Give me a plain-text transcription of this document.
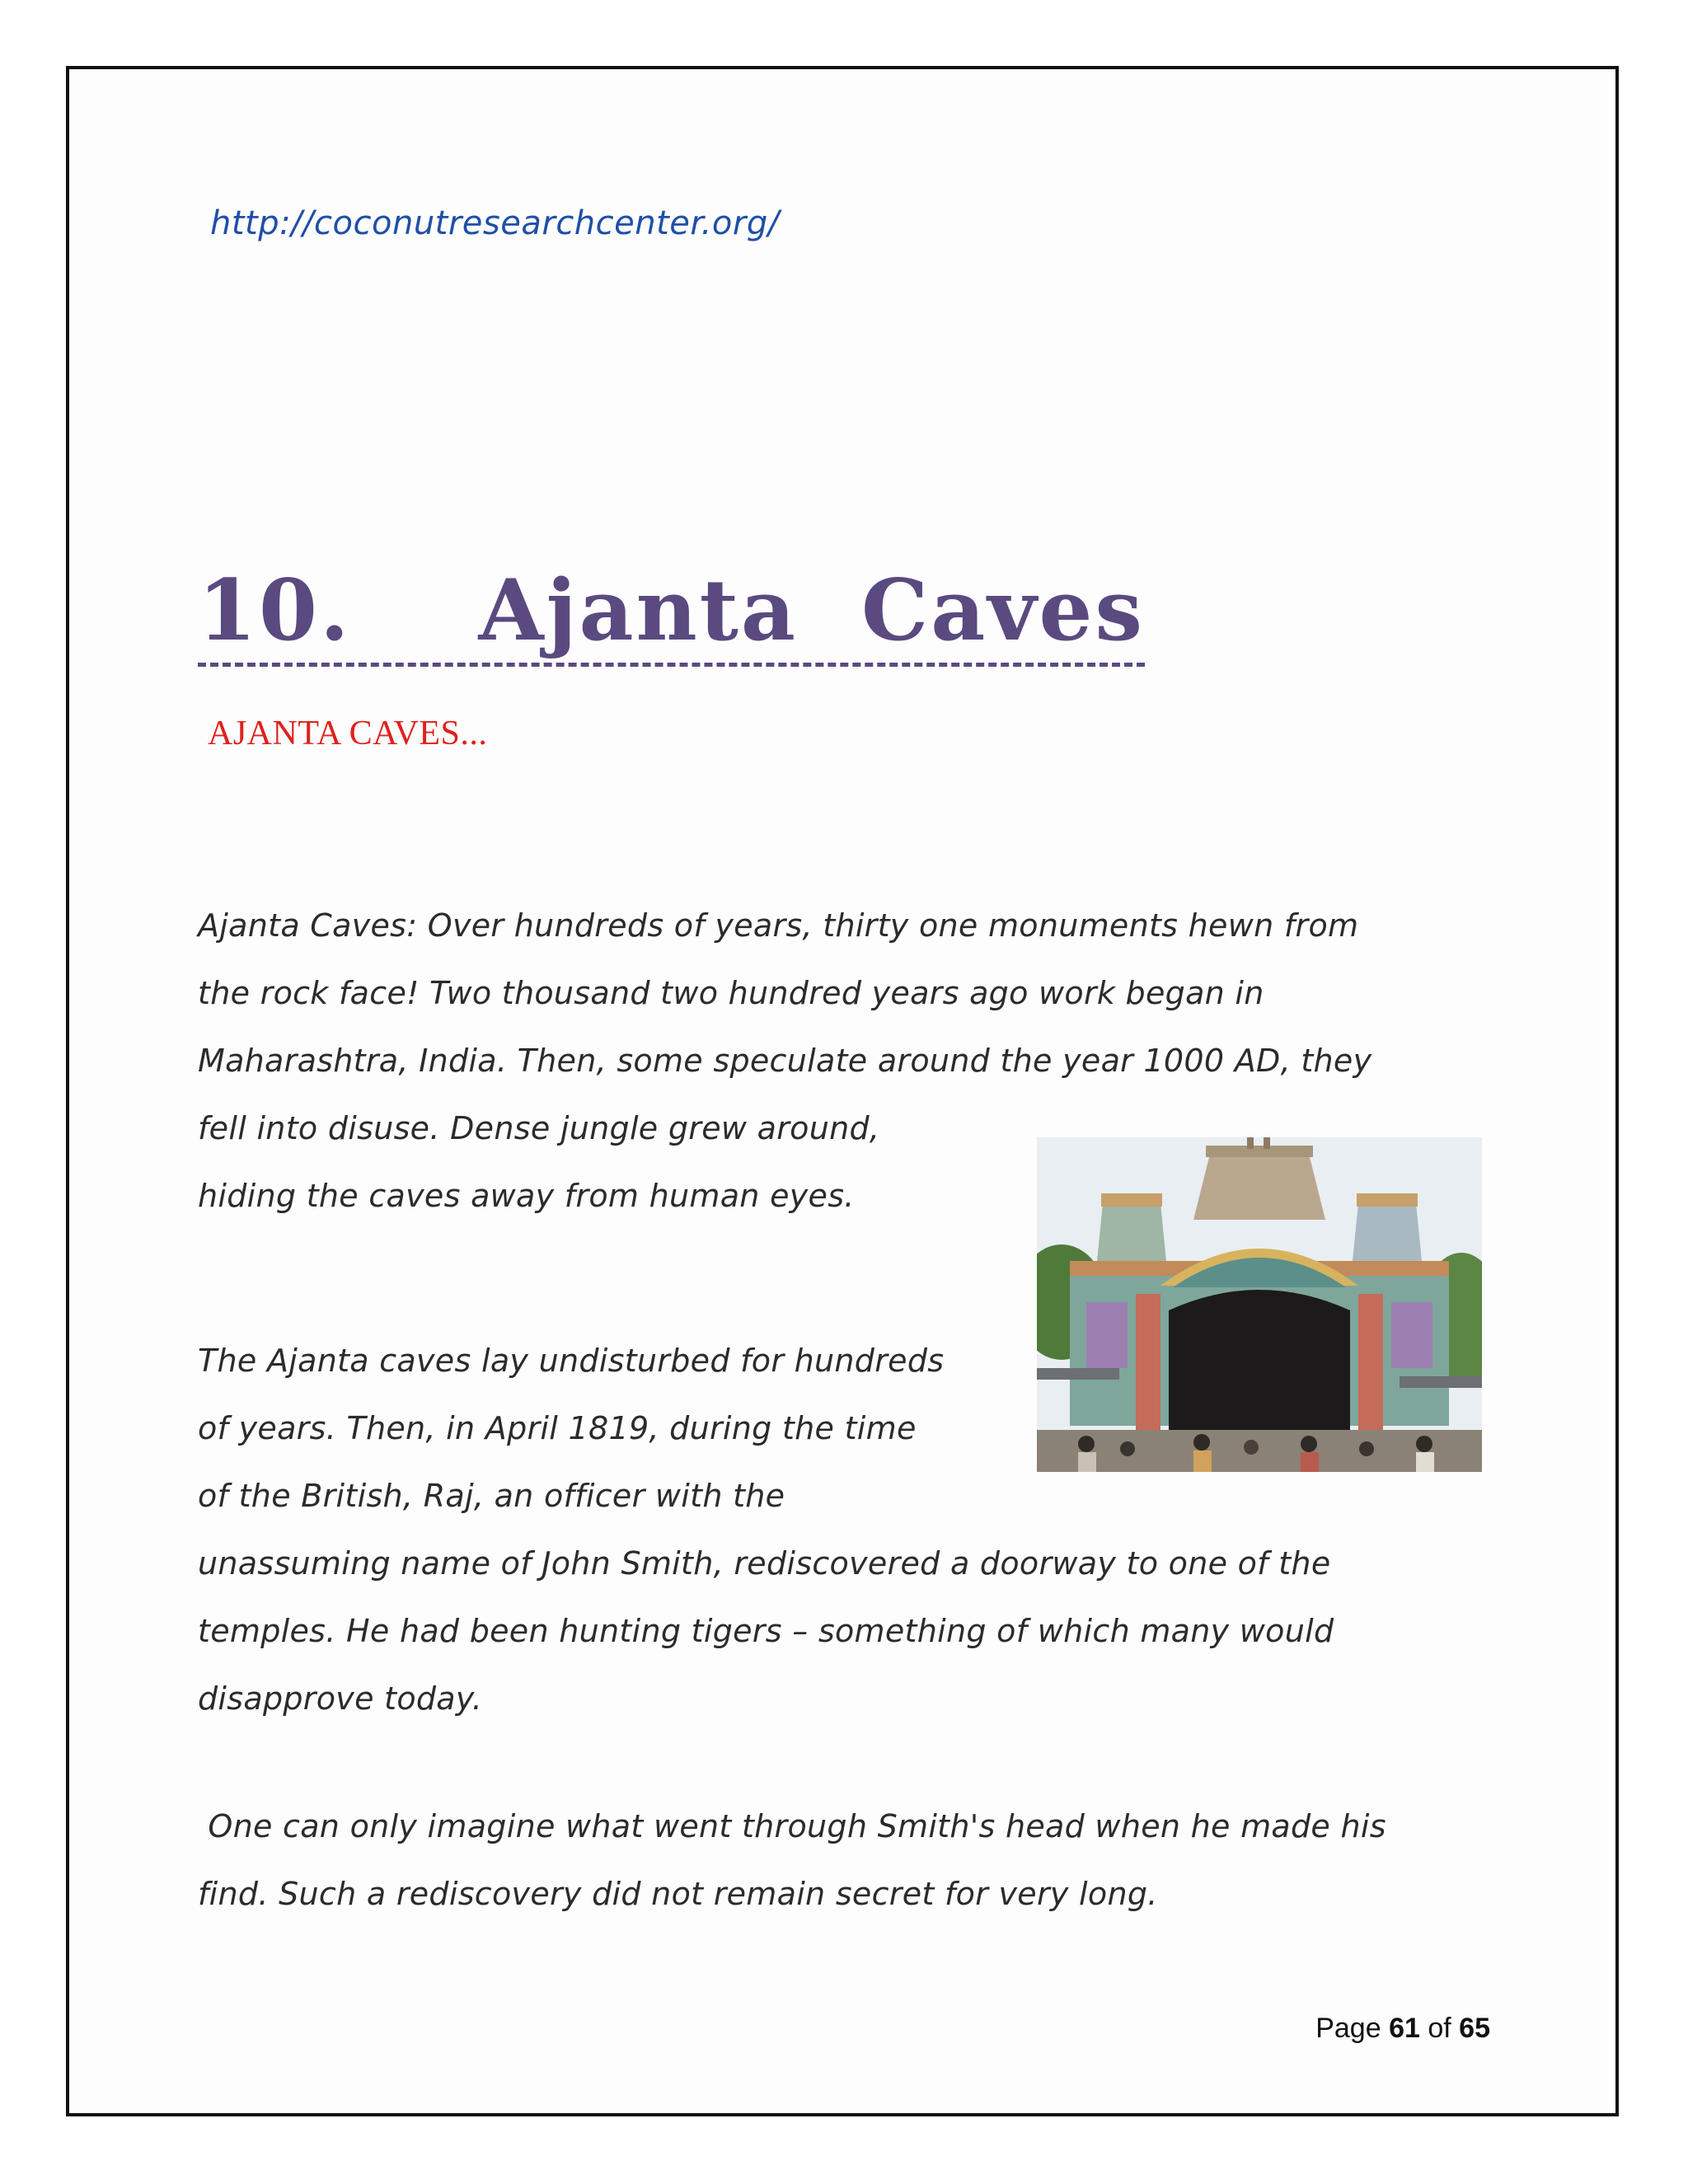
http://coconutresearchcenter.org/
10.    Ajanta  Caves
AJANTA CAVES...
Ajanta Caves: Over hundreds of years, thirty one monuments hewn from
the rock face! Two thousand two hundred years ago work began in
Maharashtra, India. Then, some speculate around the year 1000 AD, they
fell into disuse. Dense jungle grew around,
hiding the caves away from human eyes.
The Ajanta caves lay undisturbed for hundreds
of years. Then, in April 1819, during the time
of the British, Raj, an officer with the
unassuming name of John Smith, rediscovered a doorway to one of the
temples. He had been hunting tigers – something of which many would
disapprove today.
One can only imagine what went through Smith's head when he made his
find. Such a rediscovery did not remain secret for very long.
Page 61 of 65
